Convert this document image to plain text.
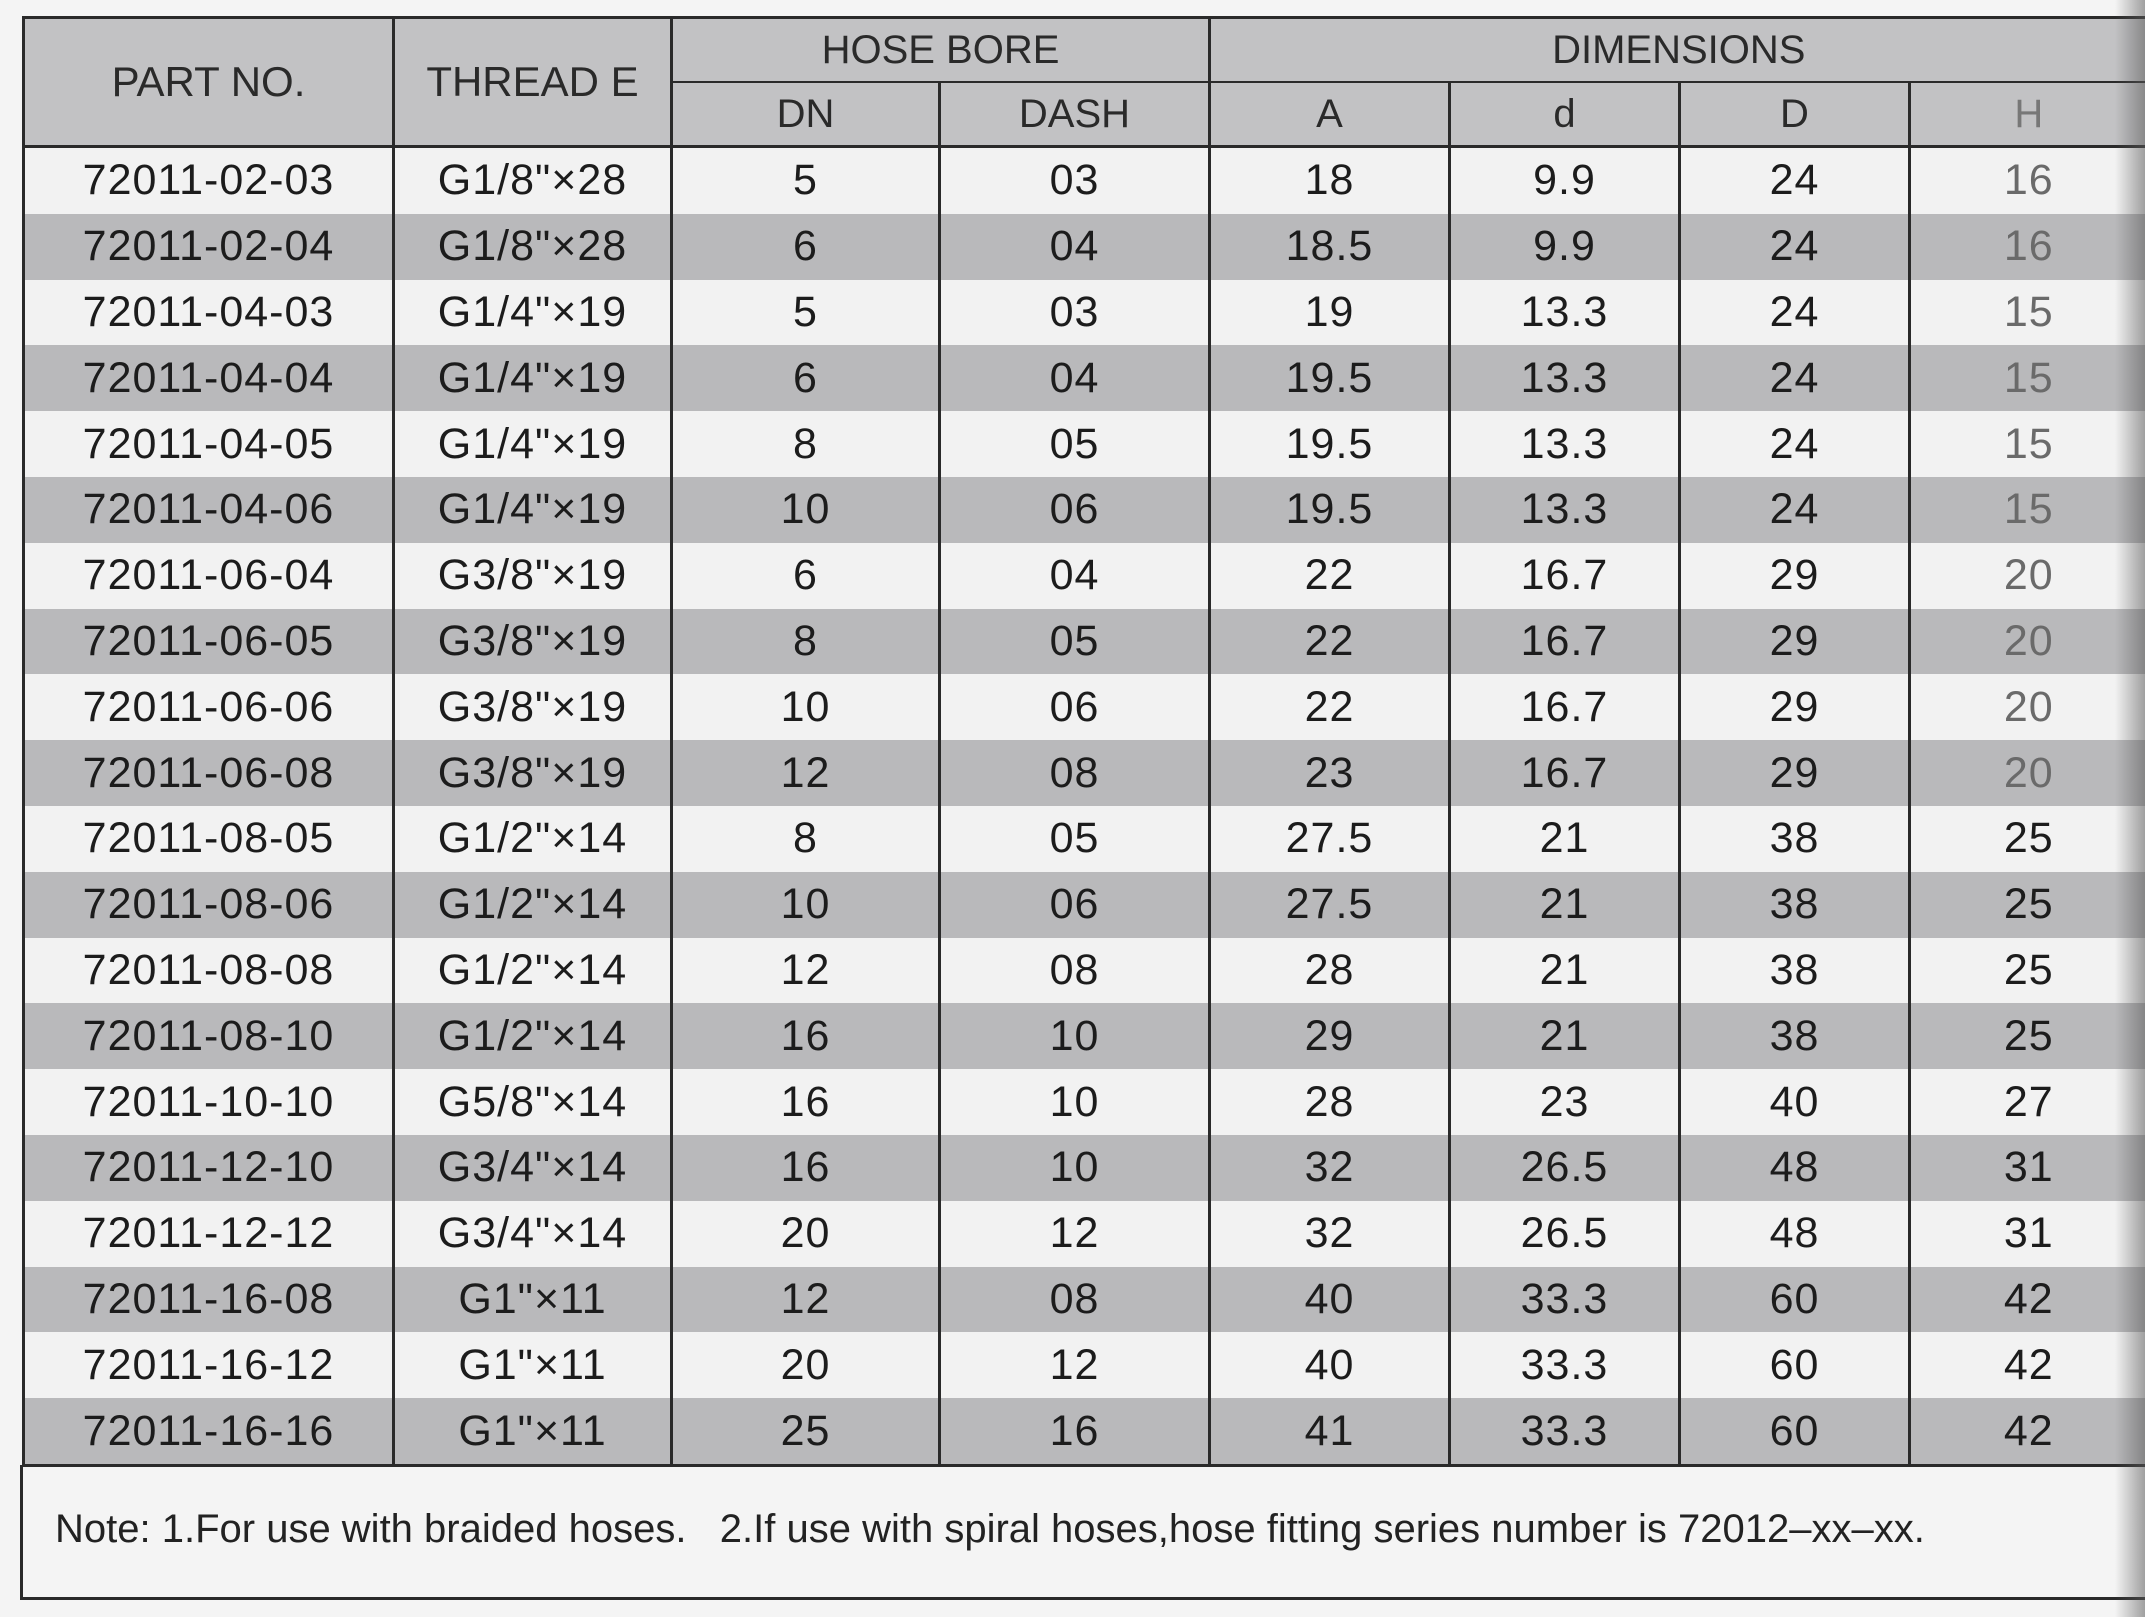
PART NO.	THREAD E	HOSE BORE		DIMENSIONS			
		DN	DASH	A	d	D	H
72011-02-03	G1/8"×28	5	03	18	9.9	24	16
72011-02-04	G1/8"×28	6	04	18.5	9.9	24	16
72011-04-03	G1/4"×19	5	03	19	13.3	24	15
72011-04-04	G1/4"×19	6	04	19.5	13.3	24	15
72011-04-05	G1/4"×19	8	05	19.5	13.3	24	15
72011-04-06	G1/4"×19	10	06	19.5	13.3	24	15
72011-06-04	G3/8"×19	6	04	22	16.7	29	20
72011-06-05	G3/8"×19	8	05	22	16.7	29	20
72011-06-06	G3/8"×19	10	06	22	16.7	29	20
72011-06-08	G3/8"×19	12	08	23	16.7	29	20
72011-08-05	G1/2"×14	8	05	27.5	21	38	25
72011-08-06	G1/2"×14	10	06	27.5	21	38	25
72011-08-08	G1/2"×14	12	08	28	21	38	25
72011-08-10	G1/2"×14	16	10	29	21	38	25
72011-10-10	G5/8"×14	16	10	28	23	40	27
72011-12-10	G3/4"×14	16	10	32	26.5	48	31
72011-12-12	G3/4"×14	20	12	32	26.5	48	31
72011-16-08	G1"×11	12	08	40	33.3	60	42
72011-16-12	G1"×11	20	12	40	33.3	60	42
72011-16-16	G1"×11	25	16	41	33.3	60	42
Note: 1.For use with braided hoses.   2.If use with spiral hoses,hose fitting series number is 72012–xx–xx.
